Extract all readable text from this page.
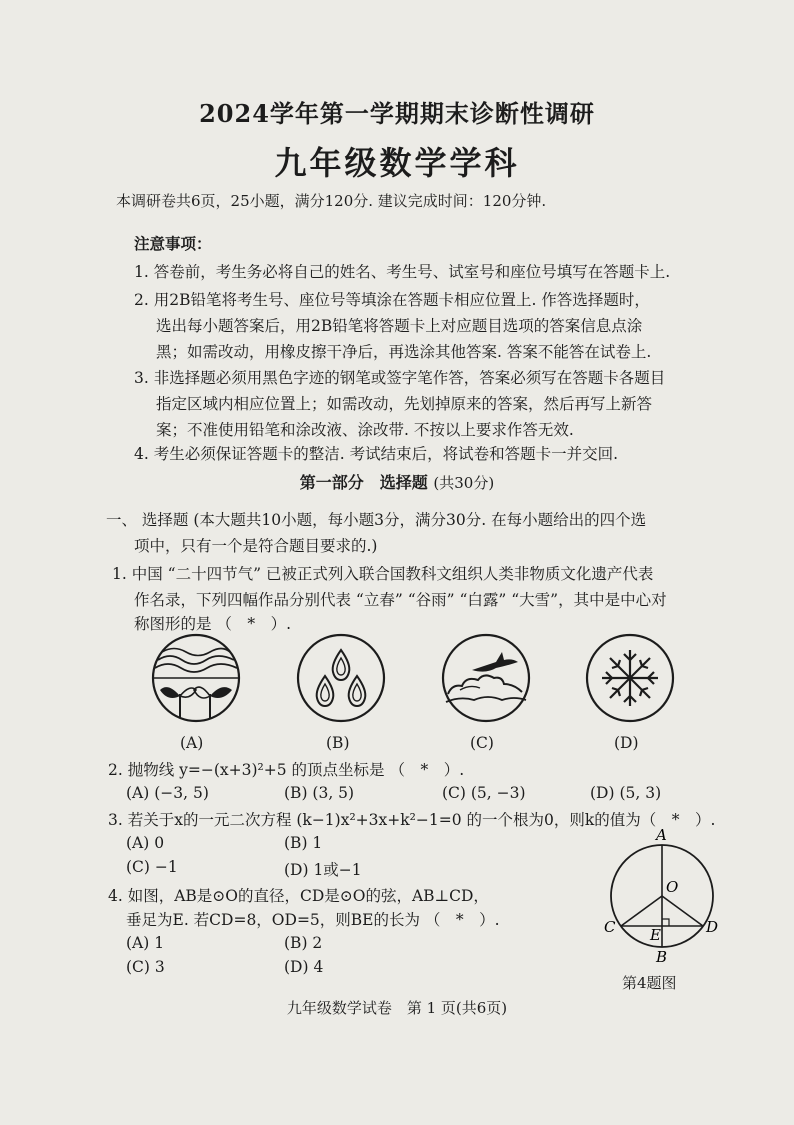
2024学年第一学期期末诊断性调研
九年级数学学科
本调研卷共6页，25小题，满分120分. 建议完成时间：120分钟.
注意事项：
1. 答卷前，考生务必将自己的姓名、考生号、试室号和座位号填写在答题卡上.
2. 用2B铅笔将考生号、座位号等填涂在答题卡相应位置上. 作答选择题时，
选出每小题答案后，用2B铅笔将答题卡上对应题目选项的答案信息点涂
黑；如需改动，用橡皮擦干净后，再选涂其他答案. 答案不能答在试卷上.
3. 非选择题必须用黑色字迹的钢笔或签字笔作答，答案必须写在答题卡各题目
指定区域内相应位置上；如需改动，先划掉原来的答案，然后再写上新答
案；不准使用铅笔和涂改液、涂改带. 不按以上要求作答无效.
4. 考生必须保证答题卡的整洁. 考试结束后，将试卷和答题卡一并交回.
第一部分　选择题 (共30分)
一、 选择题 (本大题共10小题，每小题3分，满分30分. 在每小题给出的四个选
项中，只有一个是符合题目要求的.)
1. 中国 “二十四节气” 已被正式列入联合国教科文组织人类非物质文化遗产代表
作名录，下列四幅作品分别代表 “立春” “谷雨” “白露” “大雪”，其中是中心对
称图形的是 （　*　）.
(A)	(B)	(C)	(D)
2. 抛物线 y=−(x+3)²+5 的顶点坐标是 （　*　）.
(A) (−3, 5)	(B) (3, 5)	(C) (5, −3)	(D) (5, 3)
3. 若关于x的一元二次方程 (k−1)x²+3x+k²−1=0 的一个根为0，则k的值为（　*　）.
(A) 0	(B) 1
(C) −1	(D) 1或−1
4. 如图，AB是⊙O的直径，CD是⊙O的弦，AB⊥CD，
垂足为E. 若CD=8，OD=5，则BE的长为 （　*　）.
(A) 1	(B) 2
(C) 3	(D) 4
A
O
C E	D
B
第4题图
九年级数学试卷　第 1 页(共6页)
